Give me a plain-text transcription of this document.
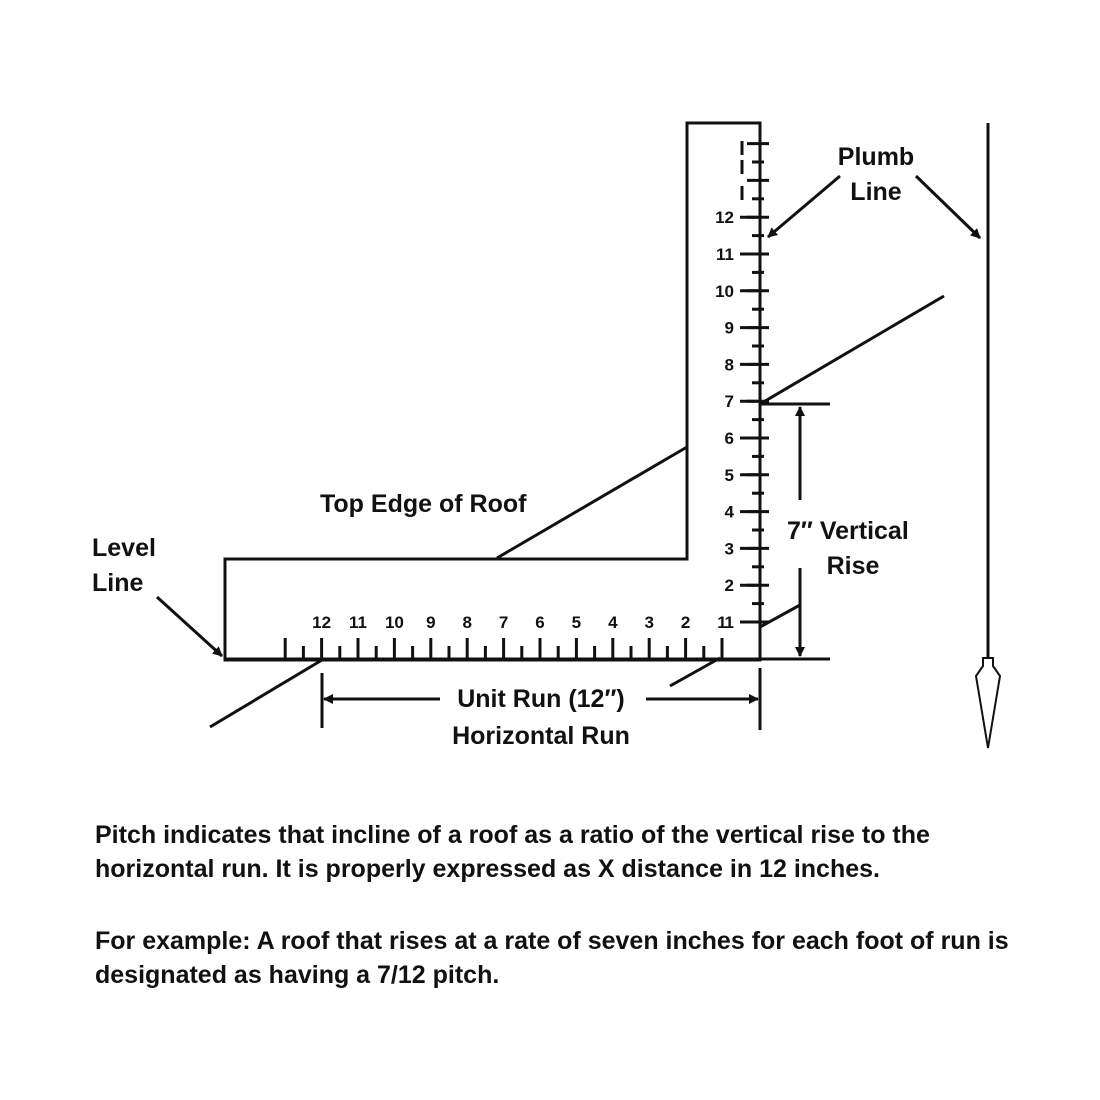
12
11
10
9
8
7
6
5
4
3
2
1
12 11 10 9 8 7 6 5 4 3 2 1
Plumb
Line
Level
Line
Top Edge of Roof
7″ Vertical
Rise
Unit Run (12″)
Horizontal Run

Pitch indicates that incline of a roof as a ratio of the vertical rise to the horizontal run. It is properly expressed as X distance in 12 inches.

For example: A roof that rises at a rate of seven inches for each foot of run is designated as having a 7/12 pitch.
